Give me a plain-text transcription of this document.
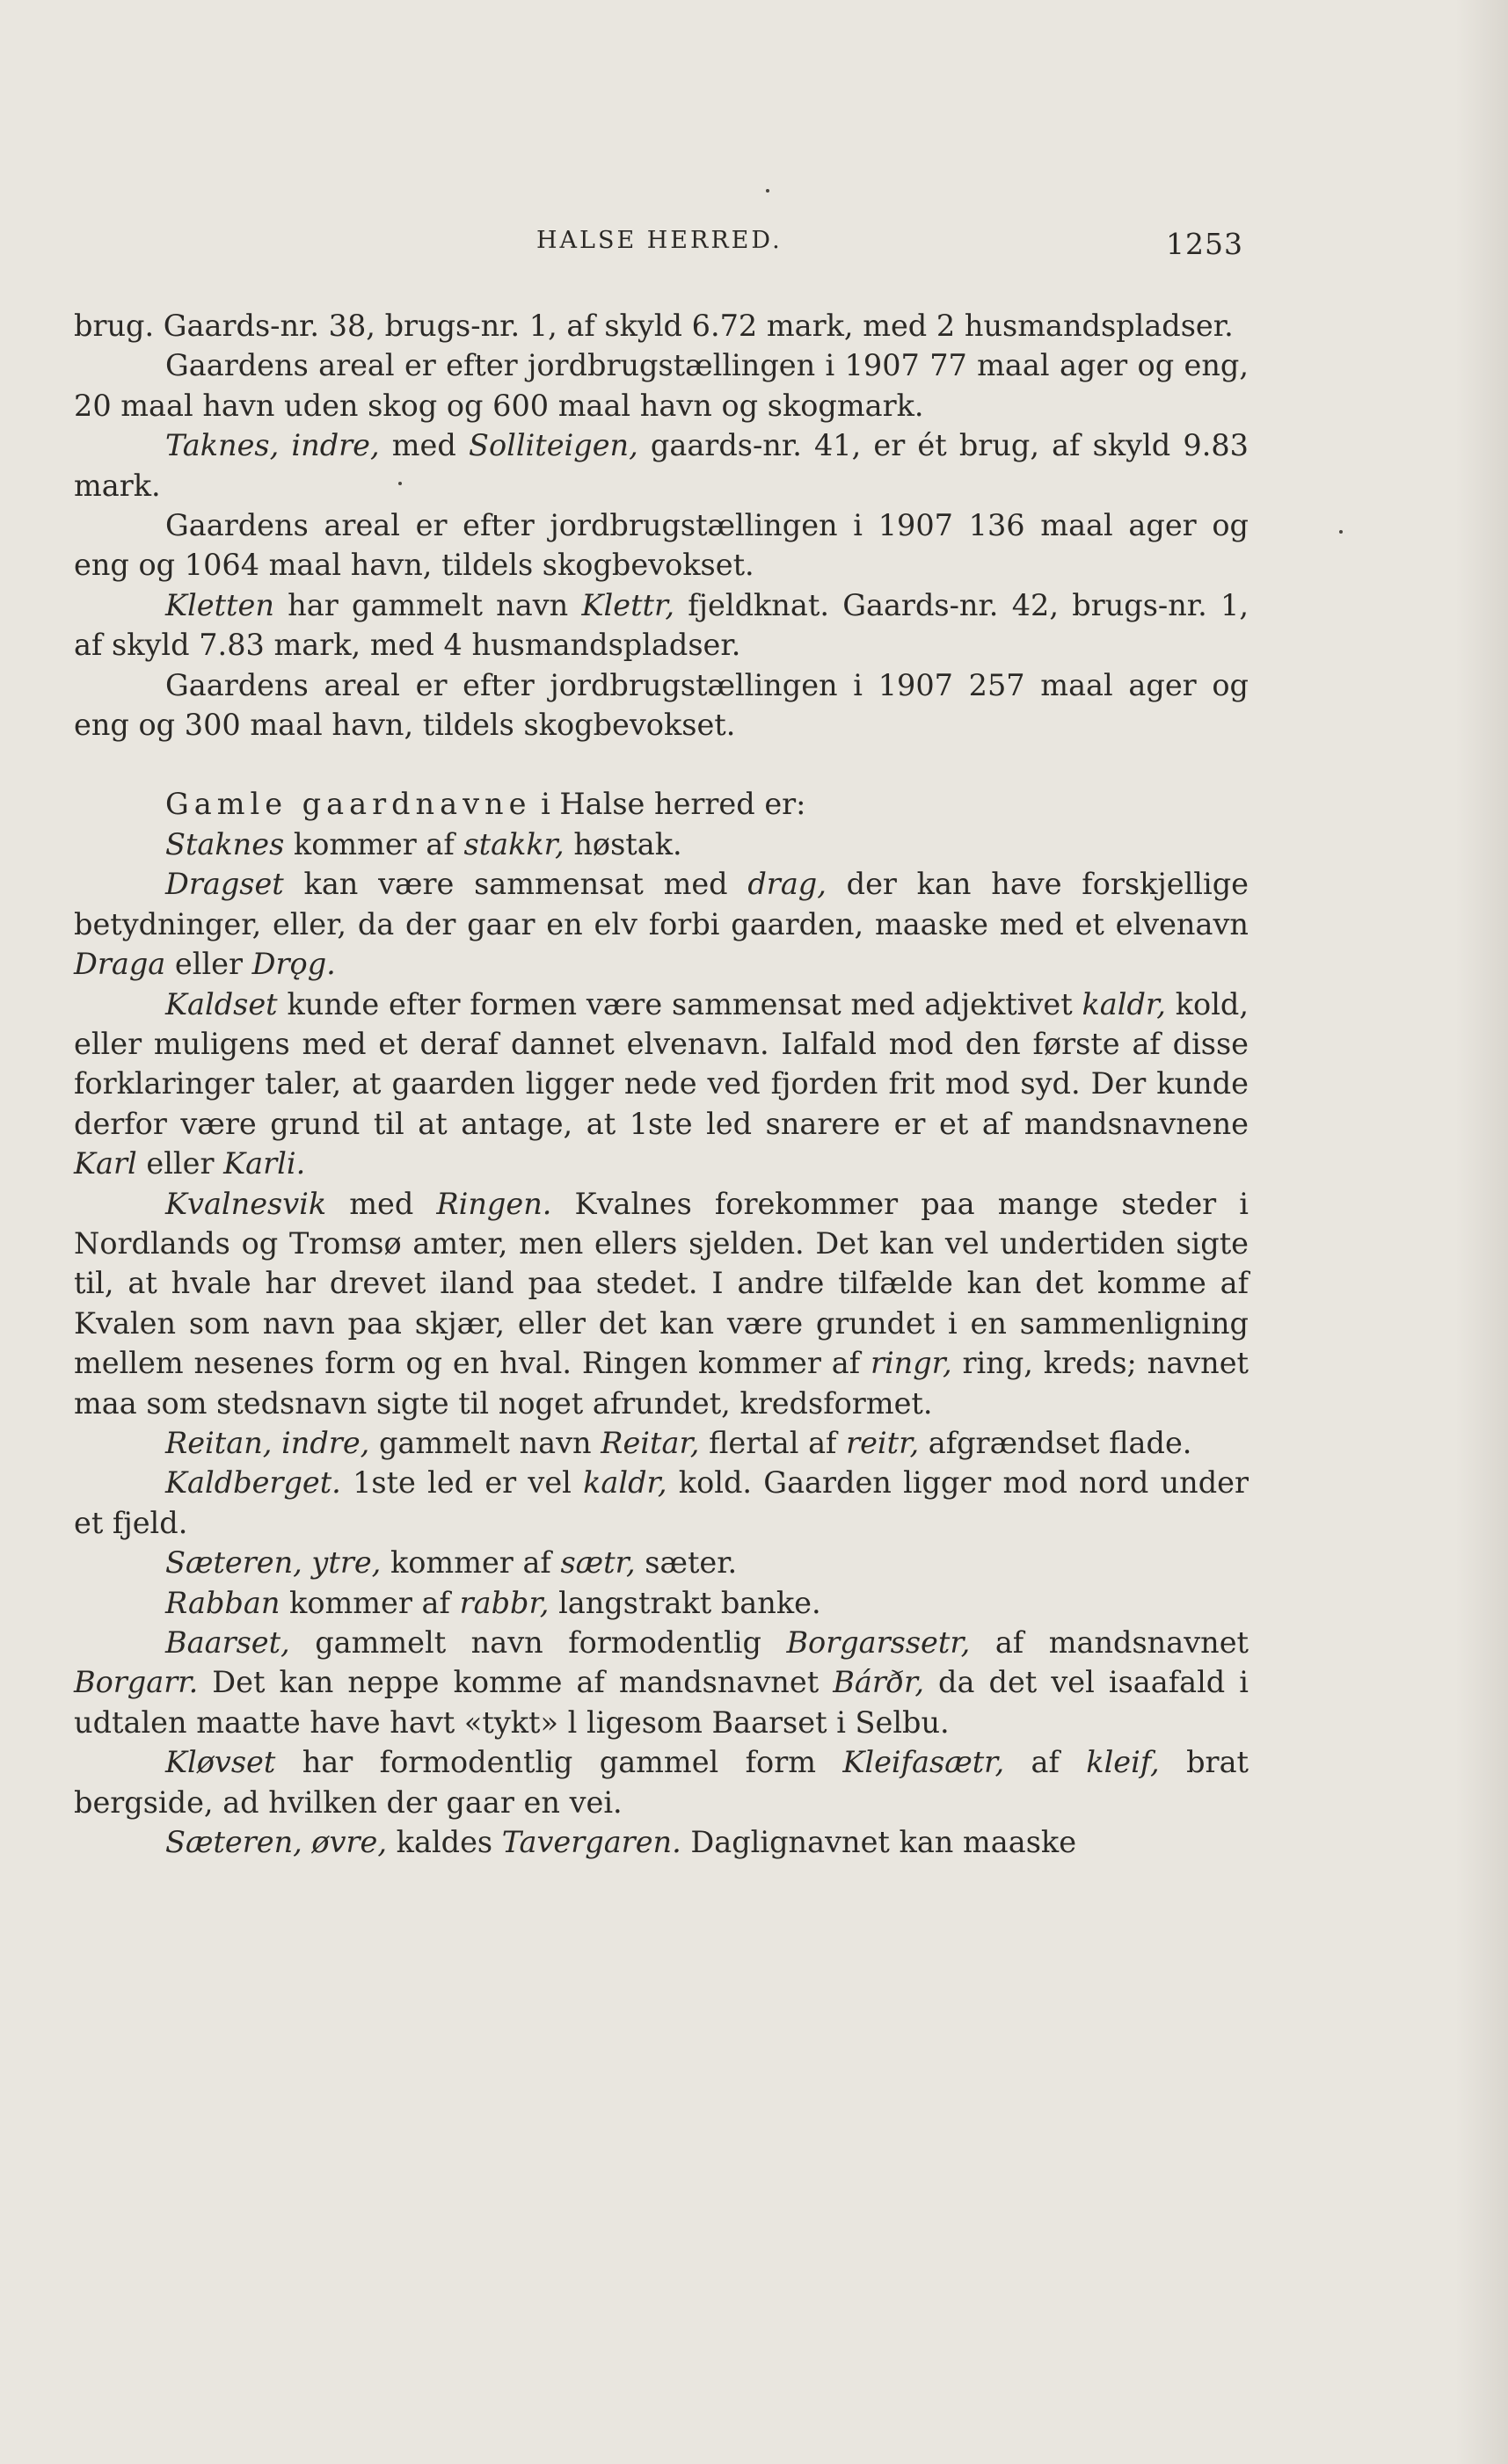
HALSE HERRED.	1253

brug. Gaards-nr. 38, brugs-nr. 1, af skyld 6.72 mark, med 2 husmandspladser.

Gaardens areal er efter jordbrugstællingen i 1907 77 maal ager og eng, 20 maal havn uden skog og 600 maal havn og skogmark.

Taknes, indre, med Solliteigen, gaards-nr. 41, er ét brug, af skyld 9.83 mark.

Gaardens areal er efter jordbrugstællingen i 1907 136 maal ager og eng og 1064 maal havn, tildels skogbevokset.

Kletten har gammelt navn Klettr, fjeldknat. Gaards-nr. 42, brugs-nr. 1, af skyld 7.83 mark, med 4 husmandspladser.

Gaardens areal er efter jordbrugstællingen i 1907 257 maal ager og eng og 300 maal havn, tildels skogbevokset.

Gamle gaardnavne i Halse herred er:

Staknes kommer af stakkr, høstak.

Dragset kan være sammensat med drag, der kan have forskjellige betydninger, eller, da der gaar en elv forbi gaarden, maaske med et elvenavn Draga eller Drǫg.

Kaldset kunde efter formen være sammensat med adjektivet kaldr, kold, eller muligens med et deraf dannet elvenavn. Ialfald mod den første af disse forklaringer taler, at gaarden ligger nede ved fjorden frit mod syd. Der kunde derfor være grund til at antage, at 1ste led snarere er et af mandsnavnene Karl eller Karli.

Kvalnesvik med Ringen. Kvalnes forekommer paa mange steder i Nordlands og Tromsø amter, men ellers sjelden. Det kan vel undertiden sigte til, at hvale har drevet iland paa stedet. I andre tilfælde kan det komme af Kvalen som navn paa skjær, eller det kan være grundet i en sammenligning mellem nesenes form og en hval. Ringen kommer af ringr, ring, kreds; navnet maa som stedsnavn sigte til noget afrundet, kredsformet.

Reitan, indre, gammelt navn Reitar, flertal af reitr, afgrændset flade.

Kaldberget. 1ste led er vel kaldr, kold. Gaarden ligger mod nord under et fjeld.

Sæteren, ytre, kommer af sætr, sæter.

Rabban kommer af rabbr, langstrakt banke.

Baarset, gammelt navn formodentlig Borgarssetr, af mandsnavnet Borgarr. Det kan neppe komme af mandsnavnet Bárðr, da det vel isaafald i udtalen maatte have havt «tykt» l ligesom Baarset i Selbu.

Kløvset har formodentlig gammel form Kleifasætr, af kleif, brat bergside, ad hvilken der gaar en vei.

Sæteren, øvre, kaldes Tavergaren. Daglignavnet kan maaske
